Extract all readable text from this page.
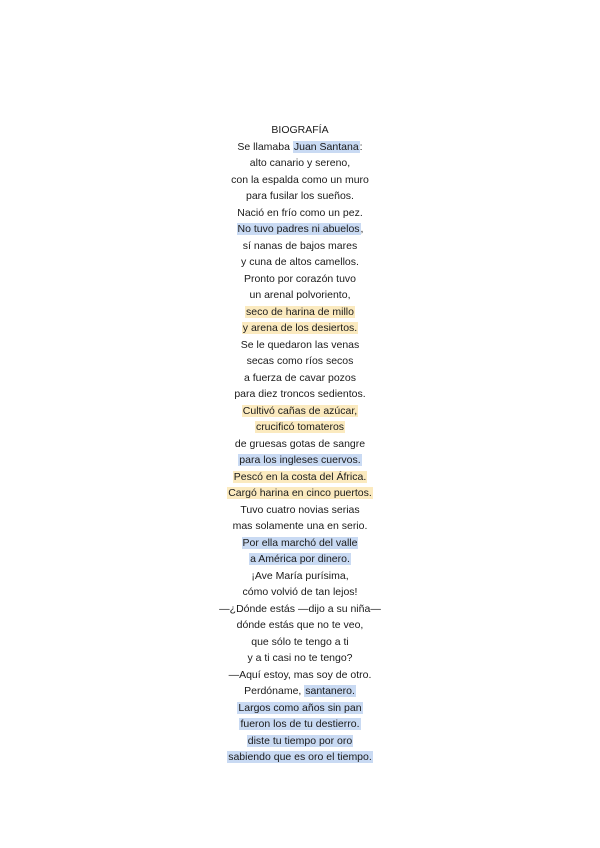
BIOGRAFÍA
Se llamaba Juan Santana:
alto canario y sereno,
con la espalda como un muro
para fusilar los sueños.
Nació en frío como un pez.
No tuvo padres ni abuelos,
sí nanas de bajos mares
y cuna de altos camellos.
Pronto por corazón tuvo
un arenal polvoriento,
seco de harina de millo
y arena de los desiertos.
Se le quedaron las venas
secas como ríos secos
a fuerza de cavar pozos
para diez troncos sedientos.
Cultivó cañas de azúcar,
crucificó tomateros
de gruesas gotas de sangre
para los ingleses cuervos.
Pescó en la costa del África.
Cargó harina en cinco puertos.
Tuvo cuatro novias serias
mas solamente una en serio.
Por ella marchó del valle
a América por dinero.
¡Ave María purísima,
cómo volvió de tan lejos!
—¿Dónde estás —dijo a su niña—
dónde estás que no te veo,
que sólo te tengo a ti
y a ti casi no te tengo?
—Aquí estoy, mas soy de otro.
Perdóname, santanero.
Largos como años sin pan
fueron los de tu destierro.
diste tu tiempo por oro
sabiendo que es oro el tiempo.
